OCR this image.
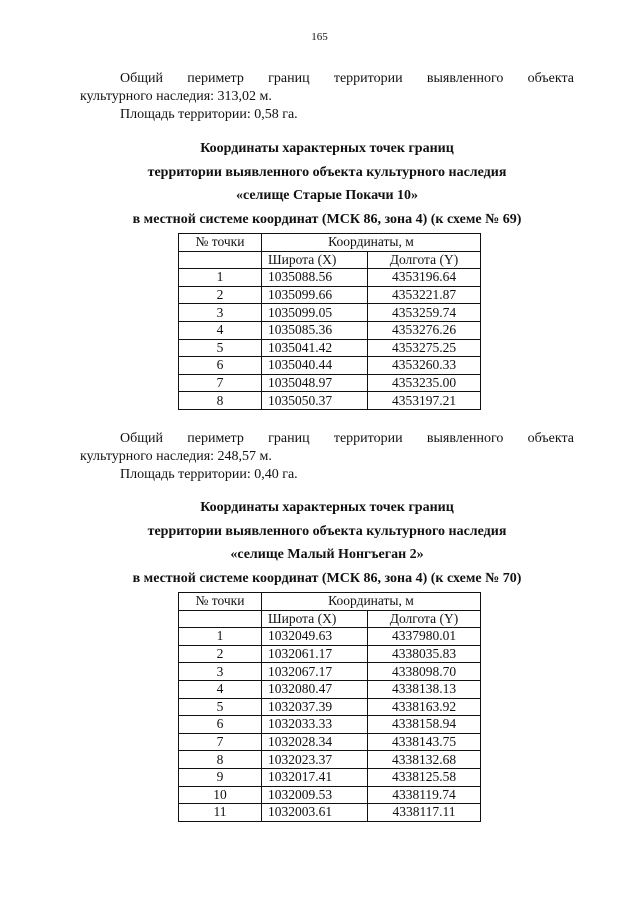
165
Общий периметр границ территории выявленного объекта
культурного наследия: 313,02 м.
Площадь территории: 0,58 га.
Координаты характерных точек границ
территории выявленного объекта культурного наследия
«селище Старые Покачи 10»
в местной системе координат (МСК 86, зона 4) (к схеме № 69)
№ точки	Координаты, м	
	Широта (X)	Долгота (Y)
1	1035088.56	4353196.64
2	1035099.66	4353221.87
3	1035099.05	4353259.74
4	1035085.36	4353276.26
5	1035041.42	4353275.25
6	1035040.44	4353260.33
7	1035048.97	4353235.00
8	1035050.37	4353197.21
Общий периметр границ территории выявленного объекта
культурного наследия: 248,57 м.
Площадь территории: 0,40 га.
Координаты характерных точек границ
территории выявленного объекта культурного наследия
«селище Малый Нонгъеган 2»
в местной системе координат (МСК 86, зона 4) (к схеме № 70)
№ точки	Координаты, м	
	Широта (X)	Долгота (Y)
1	1032049.63	4337980.01
2	1032061.17	4338035.83
3	1032067.17	4338098.70
4	1032080.47	4338138.13
5	1032037.39	4338163.92
6	1032033.33	4338158.94
7	1032028.34	4338143.75
8	1032023.37	4338132.68
9	1032017.41	4338125.58
10	1032009.53	4338119.74
11	1032003.61	4338117.11
